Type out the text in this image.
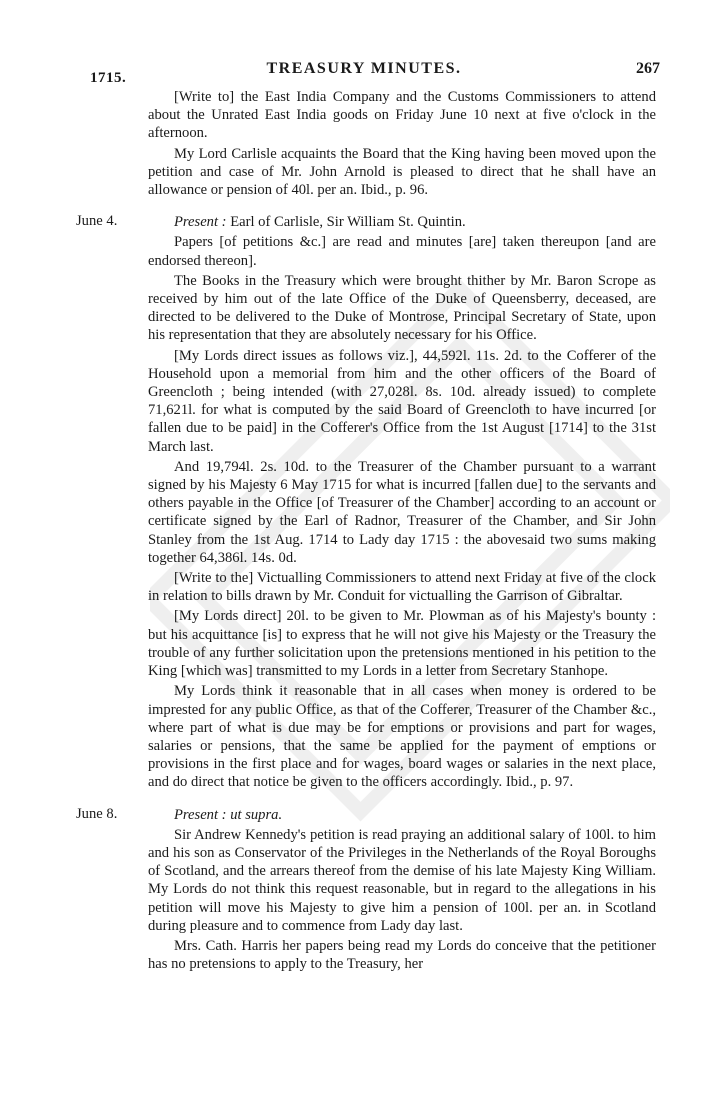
1715.
TREASURY MINUTES.	267

[Write to] the East India Company and the Customs Commissioners to attend about the Unrated East India goods on Friday June 10 next at five o'clock in the afternoon.

My Lord Carlisle acquaints the Board that the King having been moved upon the petition and case of Mr. John Arnold is pleased to direct that he shall have an allowance or pension of 40l. per an. Ibid., p. 96.

June 4.	Present : Earl of Carlisle, Sir William St. Quintin.

Papers [of petitions &c.] are read and minutes [are] taken thereupon [and are endorsed thereon].

The Books in the Treasury which were brought thither by Mr. Baron Scrope as received by him out of the late Office of the Duke of Queensberry, deceased, are directed to be delivered to the Duke of Montrose, Principal Secretary of State, upon his representation that they are absolutely necessary for his Office.

[My Lords direct issues as follows viz.], 44,592l. 11s. 2d. to the Cofferer of the Household upon a memorial from him and the other officers of the Board of Greencloth ; being intended (with 27,028l. 8s. 10d. already issued) to complete 71,621l. for what is computed by the said Board of Greencloth to have incurred [or fallen due to be paid] in the Cofferer's Office from the 1st August [1714] to the 31st March last.

And 19,794l. 2s. 10d. to the Treasurer of the Chamber pursuant to a warrant signed by his Majesty 6 May 1715 for what is incurred [fallen due] to the servants and others payable in the Office [of Treasurer of the Chamber] according to an account or certificate signed by the Earl of Radnor, Treasurer of the Chamber, and Sir John Stanley from the 1st Aug. 1714 to Lady day 1715 : the abovesaid two sums making together 64,386l. 14s. 0d.

[Write to the] Victualling Commissioners to attend next Friday at five of the clock in relation to bills drawn by Mr. Conduit for victualling the Garrison of Gibraltar.

[My Lords direct] 20l. to be given to Mr. Plowman as of his Majesty's bounty : but his acquittance [is] to express that he will not give his Majesty or the Treasury the trouble of any further solicitation upon the pretensions mentioned in his petition to the King [which was] transmitted to my Lords in a letter from Secretary Stanhope.

My Lords think it reasonable that in all cases when money is ordered to be imprested for any public Office, as that of the Cofferer, Treasurer of the Chamber &c., where part of what is due may be for emptions or provisions and part for wages, salaries or pensions, that the same be applied for the payment of emptions or provisions in the first place and for wages, board wages or salaries in the next place, and do direct that notice be given to the officers accordingly. Ibid., p. 97.

June 8.	Present : ut supra.

Sir Andrew Kennedy's petition is read praying an additional salary of 100l. to him and his son as Conservator of the Privileges in the Netherlands of the Royal Boroughs of Scotland, and the arrears thereof from the demise of his late Majesty King William. My Lords do not think this request reasonable, but in regard to the allegations in his petition will move his Majesty to give him a pension of 100l. per an. in Scotland during pleasure and to commence from Lady day last.

Mrs. Cath. Harris her papers being read my Lords do conceive that the petitioner has no pretensions to apply to the Treasury, her
